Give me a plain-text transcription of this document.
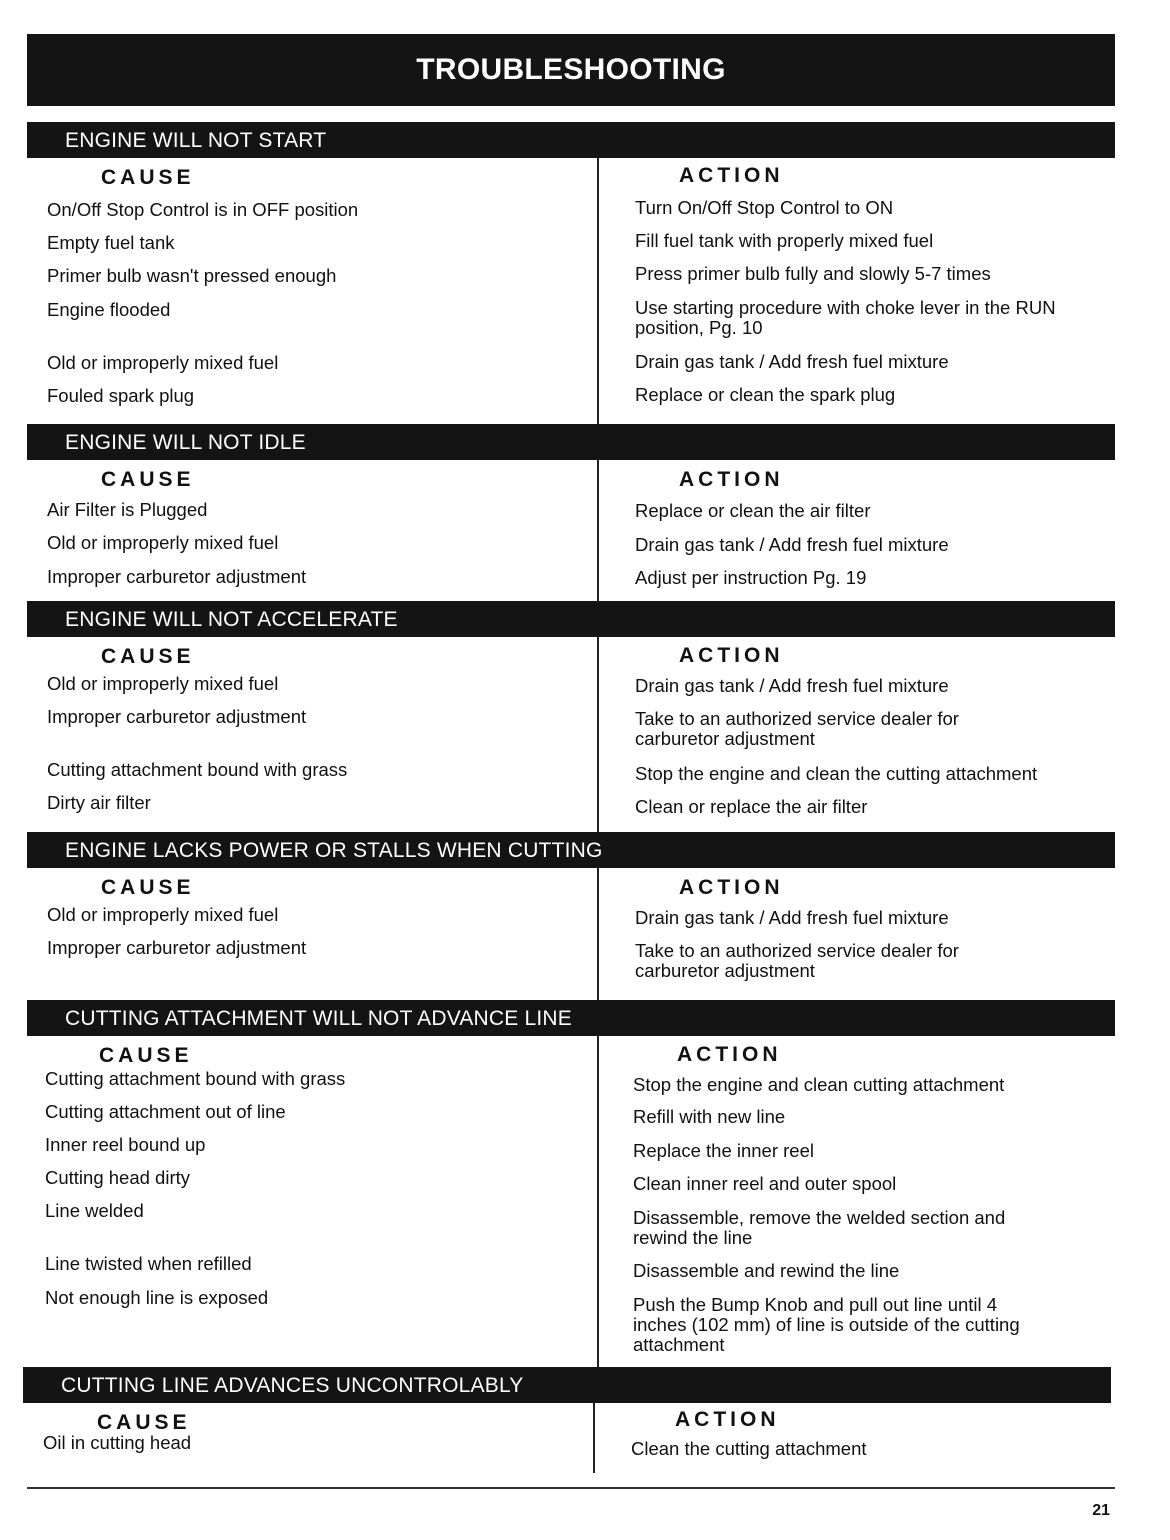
TROUBLESHOOTING
ENGINE WILL NOT START
CAUSE	ACTION
On/Off Stop Control is in OFF position	Turn On/Off Stop Control to ON
Empty fuel tank	Fill fuel tank with properly mixed fuel
Primer bulb wasn't pressed enough	Press primer bulb fully and slowly 5-7 times
Engine flooded	Use starting procedure with choke lever in the RUN position, Pg. 10
Old or improperly mixed fuel	Drain gas tank / Add fresh fuel mixture
Fouled spark plug	Replace or clean the spark plug
ENGINE WILL NOT IDLE
CAUSE	ACTION
Air Filter is Plugged	Replace or clean the air filter
Old or improperly mixed fuel	Drain gas tank / Add fresh fuel mixture
Improper carburetor adjustment	Adjust per instruction Pg. 19
ENGINE WILL NOT ACCELERATE
CAUSE	ACTION
Old or improperly mixed fuel	Drain gas tank / Add fresh fuel mixture
Improper carburetor adjustment	Take to an authorized service dealer for carburetor adjustment
Cutting attachment bound with grass	Stop the engine and clean the cutting attachment
Dirty air filter	Clean or replace the air filter
ENGINE LACKS POWER OR STALLS WHEN CUTTING
CAUSE	ACTION
Old or improperly mixed fuel	Drain gas tank / Add fresh fuel mixture
Improper carburetor adjustment	Take to an authorized service dealer for carburetor adjustment
CUTTING ATTACHMENT WILL NOT ADVANCE LINE
CAUSE	ACTION
Cutting attachment bound with grass	Stop the engine and clean cutting attachment
Cutting attachment out of line	Refill with new line
Inner reel bound up	Replace the inner reel
Cutting head dirty	Clean inner reel and outer spool
Line welded	Disassemble, remove the welded section and rewind the line
Line twisted when refilled	Disassemble and rewind the line
Not enough line is exposed	Push the Bump Knob and pull out line until 4 inches (102 mm) of line is outside of the cutting attachment
CUTTING LINE ADVANCES UNCONTROLABLY
CAUSE	ACTION
Oil in cutting head	Clean the cutting attachment
21
